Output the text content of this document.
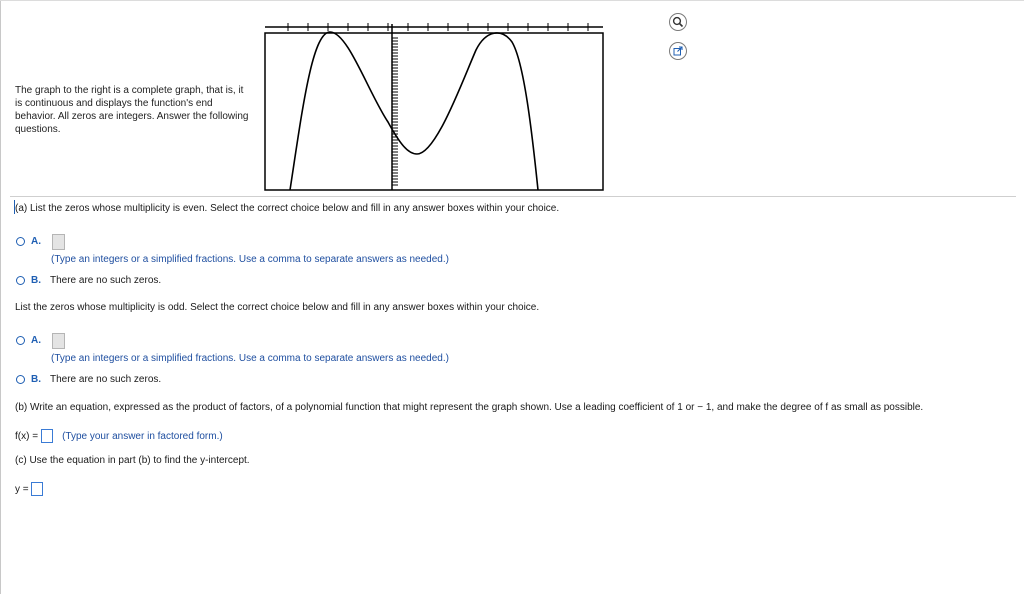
The graph to the right is a complete graph, that is, it is continuous and displays the function's end behavior. All zeros are integers. Answer the following questions.

(a) List the zeros whose multiplicity is even. Select the correct choice below and fill in any answer boxes within your choice.
A.
(Type an integers or a simplified fractions. Use a comma to separate answers as needed.)
B. There are no such zeros.
List the zeros whose multiplicity is odd. Select the correct choice below and fill in any answer boxes within your choice.
A.
(Type an integers or a simplified fractions. Use a comma to separate answers as needed.)
B. There are no such zeros.
(b) Write an equation, expressed as the product of factors, of a polynomial function that might represent the graph shown. Use a leading coefficient of 1 or − 1, and make the degree of f as small as possible.
f(x) = (Type your answer in factored form.)
(c) Use the equation in part (b) to find the y-intercept.
y =
